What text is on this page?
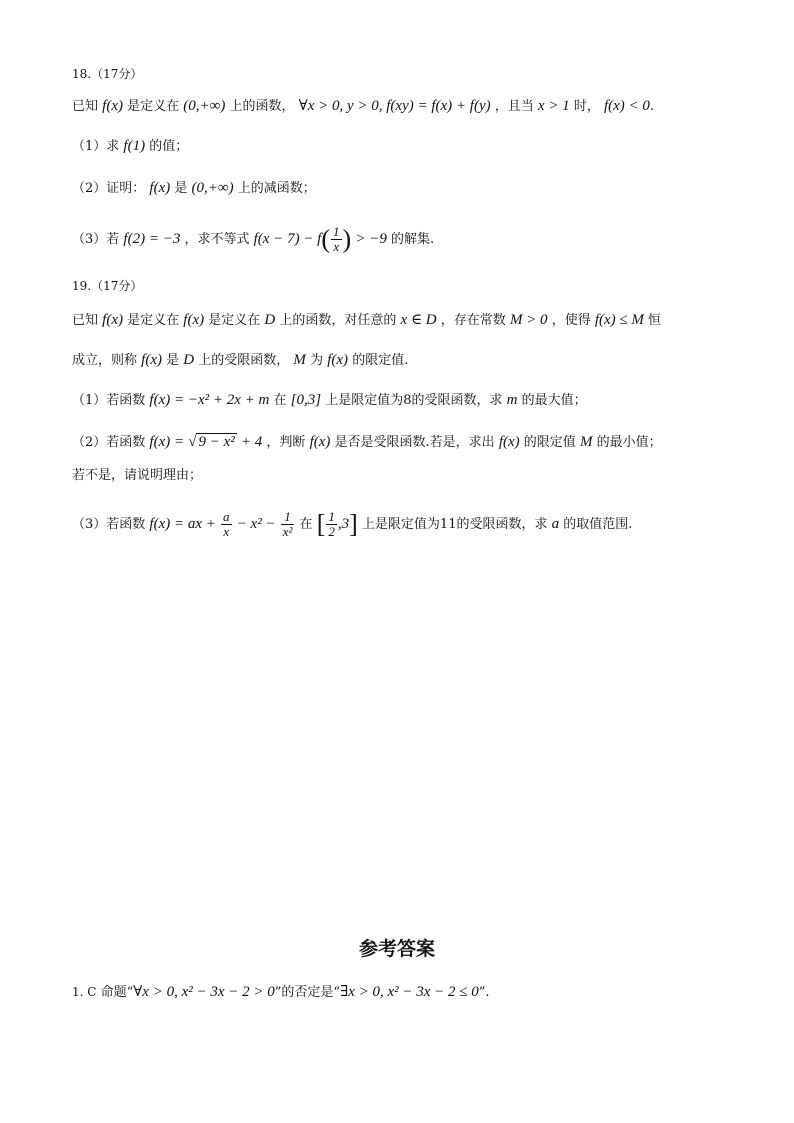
18.（17分）
已知 f(x) 是定义在 (0,+∞) 上的函数， ∀x > 0, y > 0, f(xy) = f(x) + f(y) ，且当 x > 1 时， f(x) < 0.
（1）求 f(1) 的值；
（2）证明： f(x) 是 (0,+∞) 上的减函数；
（3）若 f(2) = −3 ，求不等式 $f(x - 7) - f( \frac{1}{x}$ ) > −9 的解集.
19.（17分）
已知 f(x) 是定义在 f(x) 是定义在 D 上的函数，对任意的 x ∈ D ，存在常数 M > 0 ，使得 f(x) ≤ M 恒
成立，则称 f(x) 是 D 上的受限函数， M 为 f(x) 的限定值.
（1）若函数 f(x) = −x² + 2x + m 在 [0,3] 上是限定值为8的受限函数，求 m 的最大值；
（2）若函数 f(x) = √ 9 − x² + 4 ，判断 f(x) 是否是受限函数.若是，求出 f(x) 的限定值 M 的最小值；
若不是，请说明理由；
（3）若函数 f(x) = ax + $\frac{a}{x} - x^2 - \frac{1}{\text{x²}}$ 在 [ $\frac{1}{2} ,3$] 上是限定值为11的受限函数，求 a 的取值范围.
参考答案
1. C 命题“∀x > 0, x² − 3x − 2 > 0”的否定是“∃x > 0, x² − 3x − 2 ≤ 0”.
